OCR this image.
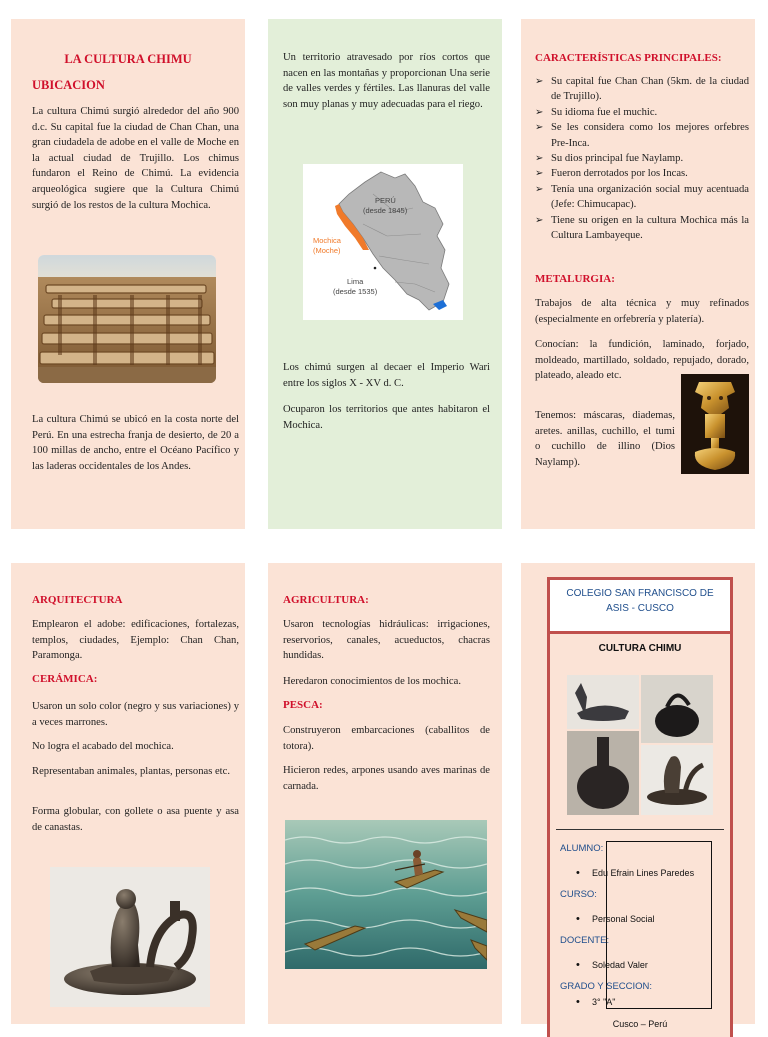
LA CULTURA CHIMU
UBICACION

La cultura Chimú surgió alrededor del año 900 d.c. Su capital fue la ciudad de Chan Chan, una gran ciudadela de adobe en el valle de Moche en la actual ciudad de Trujillo. Los chimus fundaron el Reino de Chimú. La evidencia arqueológica sugiere que la Cultura Chimú surgió de los restos de la cultura Mochica.

La cultura Chimú se ubicó en la costa norte del Perú. En una estrecha franja de desierto, de 20 a 100 millas de ancho, entre el Océano Pacífico y las laderas occidentales de los Andes.

Un territorio atravesado por ríos cortos que nacen en las montañas y proporcionan Una serie de valles verdes y fértiles. Las llanuras del valle son muy planas y muy adecuadas para el riego.

PERÚ
(desde 1845)
Mochica
(Moche)
Lima
(desde 1535)

Los chimú surgen al decaer el Imperio Wari entre los siglos X - XV d. C.

Ocuparon los territorios que antes habitaron el Mochica.

CARACTERÍSTICAS PRINCIPALES:
➢ Su capital fue Chan Chan (5km. de la ciudad de Trujillo).
➢ Su idioma fue el muchic.
➢ Se les considera como los mejores orfebres Pre-Inca.
➢ Su dios principal fue Naylamp.
➢ Fueron derrotados por los Incas.
➢ Tenía una organización social muy acentuada (Jefe: Chimucapac).
➢ Tiene su origen en la cultura Mochica más la Cultura Lambayeque.
METALURGIA:

Trabajos de alta técnica y muy refinados (especialmente en orfebrería y platería).

Conocían: la fundición, laminado, forjado, moldeado, martillado, soldado, repujado, dorado, plateado, aleado etc.

Tenemos: máscaras, diademas, aretes. anillas, cuchillo, el tumi o cuchillo de illino (Dios Naylamp).

ARQUITECTURA

Emplearon el adobe: edificaciones, fortalezas, templos, ciudades, Ejemplo: Chan Chan, Paramonga.

CERÁMICA:

Usaron un solo color (negro y sus variaciones) y a veces marrones.

No logra el acabado del mochica.

Representaban animales, plantas, personas etc.

Forma globular, con gollete o asa puente y asa de canastas.

AGRICULTURA:

Usaron tecnologías hidráulicas: irrigaciones, reservorios, canales, acueductos, chacras hundidas.

Heredaron conocimientos de los mochica.

PESCA:

Construyeron embarcaciones (caballitos de totora).

Hicieron redes, arpones usando aves marinas de carnada.

COLEGIO SAN FRANCISCO DE ASIS - CUSCO
CULTURA CHIMU
ALUMNO:
• Edu Efrain Lines Paredes
CURSO:
• Personal Social
DOCENTE:
• Soledad Valer
GRADO Y SECCION:
• 3° "A"
Cusco – Perú
